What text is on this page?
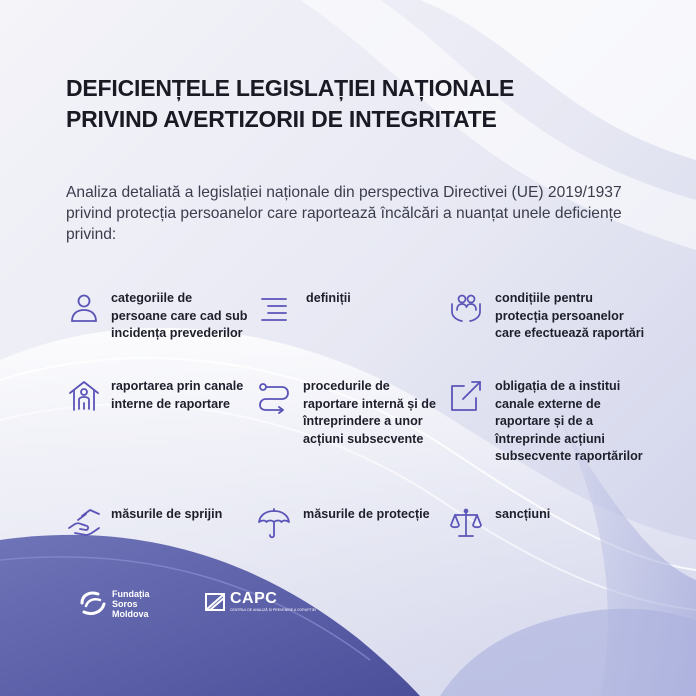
DEFICIENȚELE LEGISLAȚIEI NAȚIONALE
PRIVIND AVERTIZORII DE INTEGRITATE

Analiza detaliată a legislației naționale din perspectiva Directivei (UE) 2019/1937 privind protecția persoanelor care raportează încălcări a nuanțat unele deficiențe privind:

categoriile de persoane care cad sub incidența prevederilor
definiții	condițiile pentru protecția persoanelor care efectuează raportări
raportarea prin canale interne de raportare
procedurile de raportare internă și de întreprindere a unor acțiuni subsecvente
obligația de a institui canale externe de raportare și de a întreprinde acțiuni subsecvente raportărilor
măsurile de sprijin	măsurile de protecție	sancțiuni
Fundația
Soros
Moldova
CAPC
CENTRUL DE ANALIZĂ ȘI PREVENIRE A CORUPȚIEI
